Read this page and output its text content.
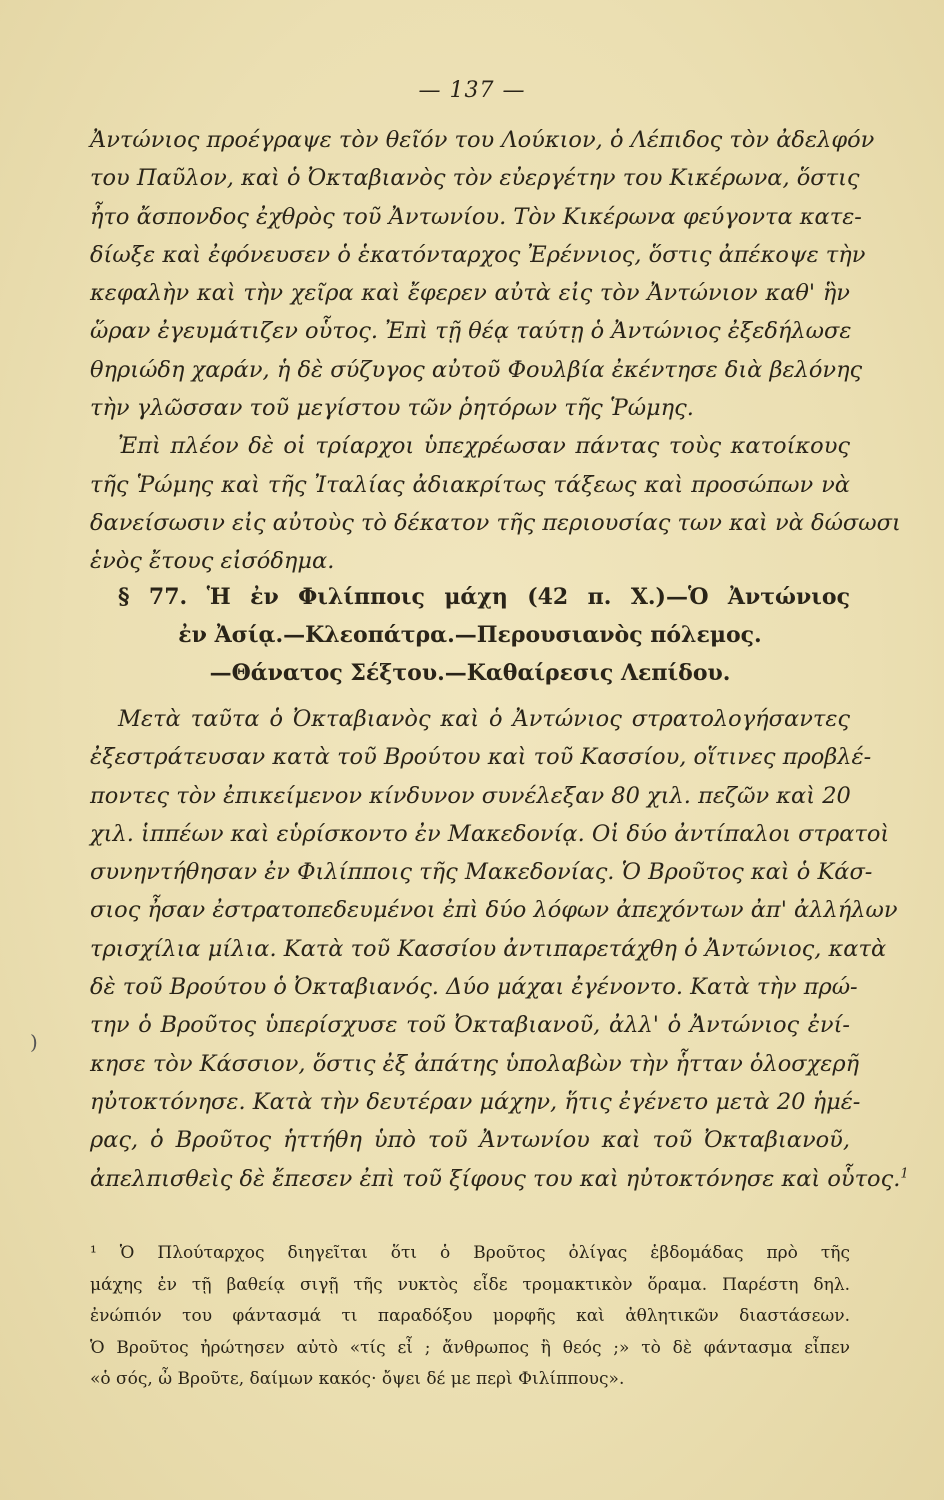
— 137 —
Ἀντώνιος προέγραψε τὸν θεῖόν του Λούκιον, ὁ Λέπιδος τὸν ἀδελφόν
του Παῦλον, καὶ ὁ Ὀκταβιανὸς τὸν εὐεργέτην του Κικέρωνα, ὅστις
ἦτο ἄσπονδος ἐχθρὸς τοῦ Ἀντωνίου. Τὸν Κικέρωνα φεύγοντα κατε-
δίωξε καὶ ἐφόνευσεν ὁ ἑκατόνταρχος Ἐρέννιος, ὅστις ἀπέκοψε τὴν
κεφαλὴν καὶ τὴν χεῖρα καὶ ἔφερεν αὐτὰ εἰς τὸν Ἀντώνιον καθ' ἣν
ὥραν ἐγευμάτιζεν οὗτος. Ἐπὶ τῇ θέᾳ ταύτῃ ὁ Ἀντώνιος ἐξεδήλωσε
θηριώδη χαράν, ἡ δὲ σύζυγος αὐτοῦ Φουλβία ἐκέντησε διὰ βελόνης
τὴν γλῶσσαν τοῦ μεγίστου τῶν ῥητόρων τῆς Ῥώμης.
Ἐπὶ πλέον δὲ οἱ τρίαρχοι ὑπεχρέωσαν πάντας τοὺς κατοίκους
τῆς Ῥώμης καὶ τῆς Ἰταλίας ἀδιακρίτως τάξεως καὶ προσώπων νὰ
δανείσωσιν εἰς αὐτοὺς τὸ δέκατον τῆς περιουσίας των καὶ νὰ δώσωσι
ἑνὸς ἔτους εἰσόδημα.
§ 77. Ἡ ἐν Φιλίπποις μάχη (42 π. Χ.)—Ὁ Ἀντώνιος
ἐν Ἀσίᾳ.—Κλεοπάτρα.—Περουσιανὸς πόλεμος.
—Θάνατος Σέξτου.—Καθαίρεσις Λεπίδου.
Μετὰ ταῦτα ὁ Ὀκταβιανὸς καὶ ὁ Ἀντώνιος στρατολογήσαντες
ἐξεστράτευσαν κατὰ τοῦ Βρούτου καὶ τοῦ Κασσίου, οἵτινες προβλέ-
ποντες τὸν ἐπικείμενον κίνδυνον συνέλεξαν 80 χιλ. πεζῶν καὶ 20
χιλ. ἱππέων καὶ εὑρίσκοντο ἐν Μακεδονίᾳ. Οἱ δύο ἀντίπαλοι στρατοὶ
συνηντήθησαν ἐν Φιλίπποις τῆς Μακεδονίας. Ὁ Βροῦτος καὶ ὁ Κάσ-
σιος ἦσαν ἐστρατοπεδευμένοι ἐπὶ δύο λόφων ἀπεχόντων ἀπ' ἀλλήλων
τρισχίλια μίλια. Κατὰ τοῦ Κασσίου ἀντιπαρετάχθη ὁ Ἀντώνιος, κατὰ
δὲ τοῦ Βρούτου ὁ Ὀκταβιανός. Δύο μάχαι ἐγένοντο. Κατὰ τὴν πρώ-
την ὁ Βροῦτος ὑπερίσχυσε τοῦ Ὀκταβιανοῦ, ἀλλ' ὁ Ἀντώνιος ἐνί-
κησε τὸν Κάσσιον, ὅστις ἐξ ἀπάτης ὑπολαβὼν τὴν ἧτταν ὁλοσχερῆ
ηὐτοκτόνησε. Κατὰ τὴν δευτέραν μάχην, ἥτις ἐγένετο μετὰ 20 ἡμέ-
ρας, ὁ Βροῦτος ἡττήθη ὑπὸ τοῦ Ἀντωνίου καὶ τοῦ Ὀκταβιανοῦ,
ἀπελπισθεὶς δὲ ἔπεσεν ἐπὶ τοῦ ξίφους του καὶ ηὐτοκτόνησε καὶ οὗτος.$^1$
)
¹ Ὁ Πλούταρχος διηγεῖται ὅτι ὁ Βροῦτος ὀλίγας ἑβδομάδας πρὸ τῆς
μάχης ἐν τῇ βαθείᾳ σιγῇ τῆς νυκτὸς εἶδε τρομακτικὸν ὅραμα. Παρέστη δηλ.
ἐνώπιόν του φάντασμά τι παραδόξου μορφῆς καὶ ἀθλητικῶν διαστάσεων.
Ὁ Βροῦτος ἠρώτησεν αὐτὸ «τίς εἶ ; ἄνθρωπος ἢ θεός ;» τὸ δὲ φάντασμα εἶπεν
«ὁ σός, ὦ Βροῦτε, δαίμων κακός· ὄψει δέ με περὶ Φιλίππους».
